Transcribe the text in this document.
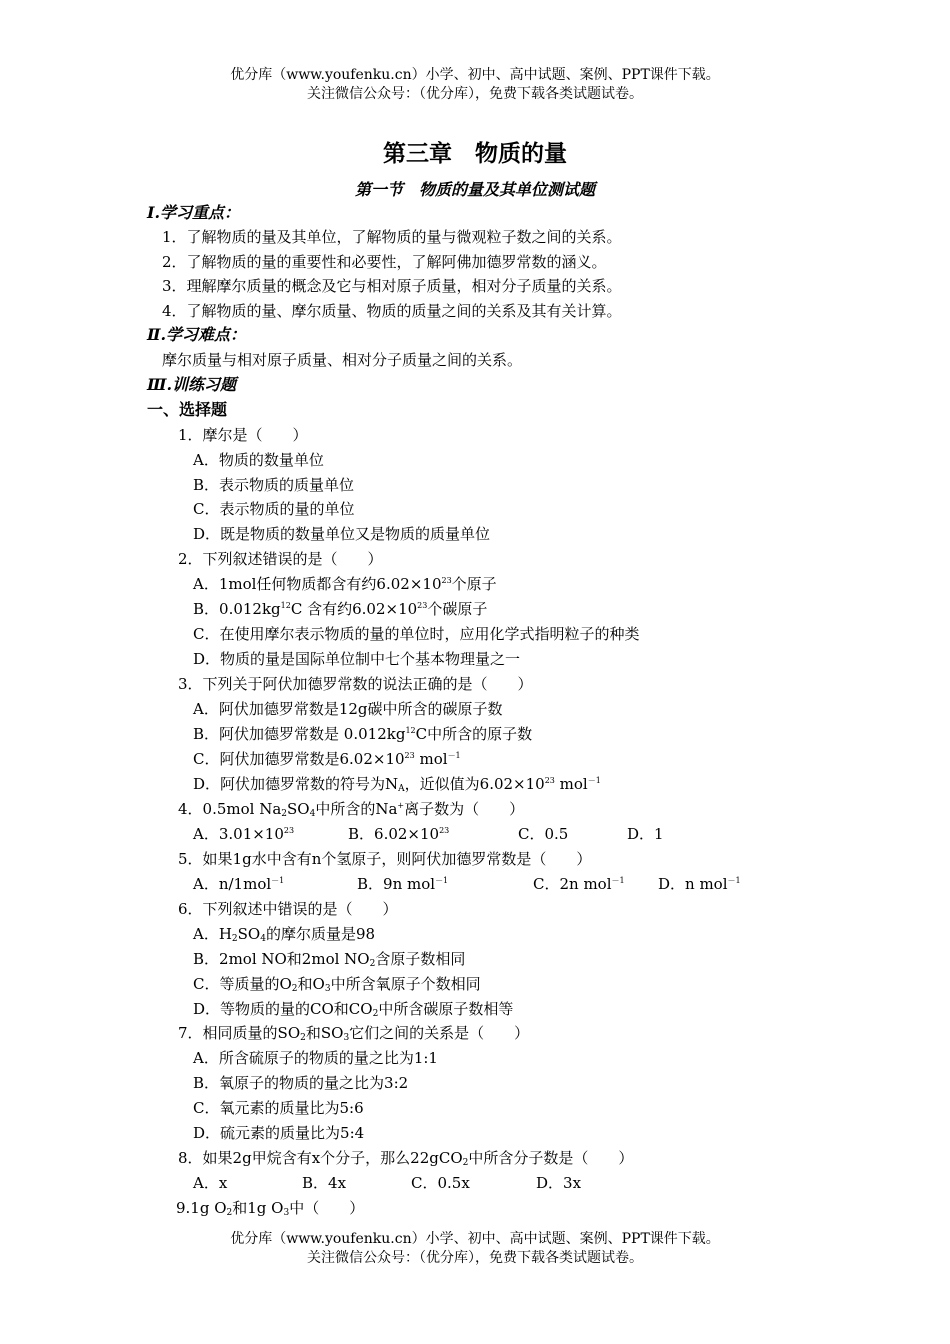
优分库（www.youfenku.cn）小学、初中、高中试题、案例、PPT课件下载。
关注微信公众号：（优分库），免费下载各类试题试卷。
第三章　物质的量
第一节　物质的量及其单位测试题
Ⅰ.学习重点：
1．了解物质的量及其单位，了解物质的量与微观粒子数之间的关系。
2．了解物质的量的重要性和必要性，了解阿佛加德罗常数的涵义。
3．理解摩尔质量的概念及它与相对原子质量，相对分子质量的关系。
4．了解物质的量、摩尔质量、物质的质量之间的关系及其有关计算。
Ⅱ.学习难点：
摩尔质量与相对原子质量、相对分子质量之间的关系。
Ⅲ.训练习题
一、选择题
1．摩尔是（　　）
A．物质的数量单位
B．表示物质的质量单位
C．表示物质的量的单位
D．既是物质的数量单位又是物质的质量单位
2．下列叙述错误的是（　　）
A．1mol任何物质都含有约$6.02\times 10^{23}$个原子
B．$0.012kg^{12}C$ 含有约$6.02\times 10^{23}$个碳原子
C．在使用摩尔表示物质的量的单位时，应用化学式指明粒子的种类
D．物质的量是国际单位制中七个基本物理量之一
3．下列关于阿伏加德罗常数的说法正确的是（　　）
A．阿伏加德罗常数是12g碳中所含的碳原子数
B．阿伏加德罗常数是 $0.012kg^{12}C$中所含的原子数
C．阿伏加德罗常数是$6.02\times 10^{23}$ mol$^{-1}$
D．阿伏加德罗常数的符号为$N_A$，近似值为$6.02\times 10^{23}$ mol$^{-1}$
4．0.5mol $Na_2SO_4$中所含的Na+离子数为（　　）
A．$3.01\times 10^{23}$	B．$6.02\times 10^{23}$	C．0.5	D．1
5．如果1g水中含有n个氢原子，则阿伏加德罗常数是（　　）
A．n/1mol$^{-1}$	B．9n mol$^{-1}$	C．2n mol$^{-1}$ D．n mol$^{-1}$
6．下列叙述中错误的是（　　）
A．$H_2SO_4$的摩尔质量是98
B．2mol NO和2mol $NO_2$含原子数相同
C．等质量的$O_2$和$O_3$中所含氧原子个数相同
D．等物质的量的CO和$CO_2$中所含碳原子数相等
7．相同质量的$SO_2$和$SO_3$它们之间的关系是（　　）
A．所含硫原子的物质的量之比为1:1
B．氧原子的物质的量之比为3:2
C．氧元素的质量比为5:6
D．硫元素的质量比为5:4
8．如果2g甲烷含有x个分子，那么22gCO$_2$中所含分子数是（　　）
A．x	B．4x	C．0.5x	D．3x
9.1g $O_2$和1g $O_3$中（　　）
优分库（www.youfenku.cn）小学、初中、高中试题、案例、PPT课件下载。
关注微信公众号：（优分库），免费下载各类试题试卷。
